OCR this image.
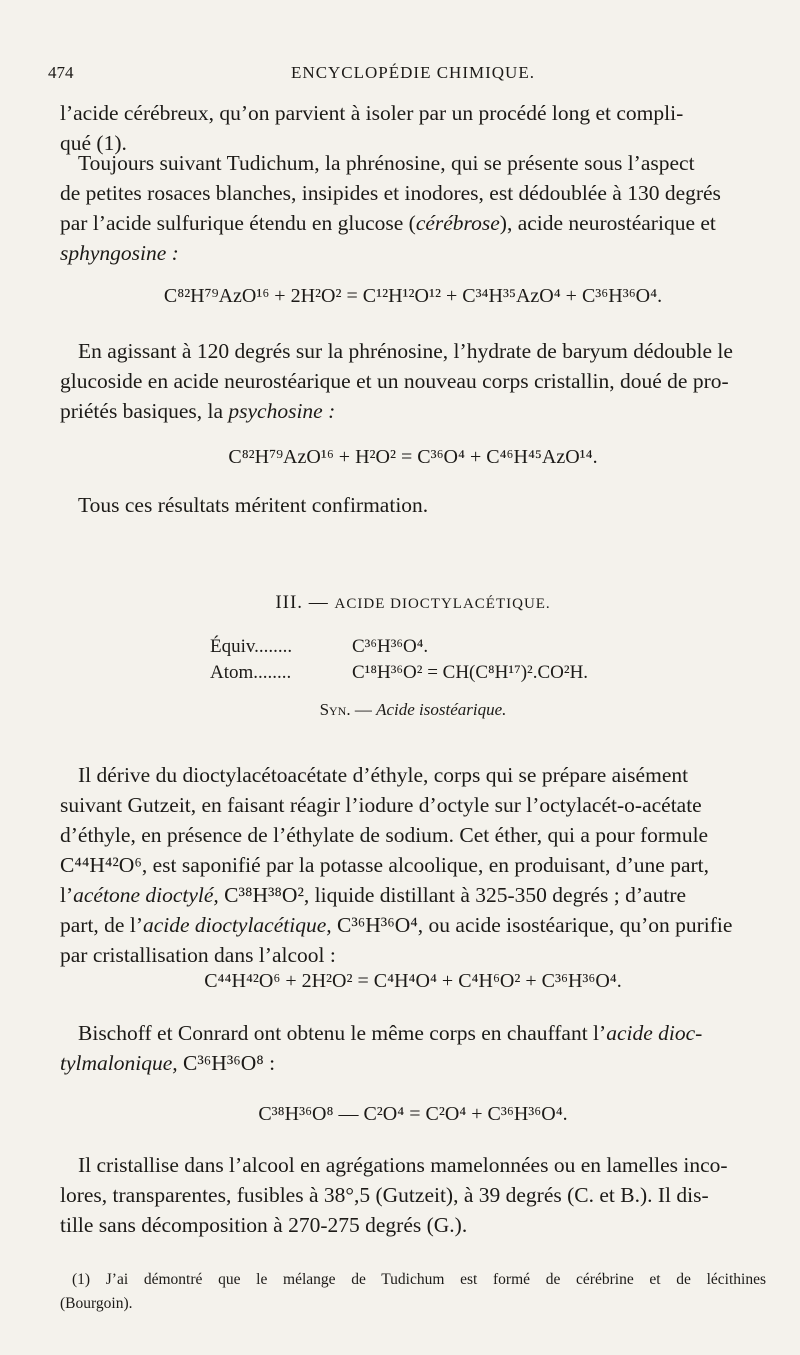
474	ENCYCLOPÉDIE CHIMIQUE.

l’acide cérébreux, qu’on parvient à isoler par un procédé long et compli-
qué (1).

Toujours suivant Tudichum, la phrénosine, qui se présente sous l’aspect
de petites rosaces blanches, insipides et inodores, est dédoublée à 130 degrés
par l’acide sulfurique étendu en glucose (cérébrose), acide neurostéarique et
sphyngosine :

C⁸²H⁷⁹AzO¹⁶ + 2H²O² = C¹²H¹²O¹² + C³⁴H³⁵AzO⁴ + C³⁶H³⁶O⁴.

En agissant à 120 degrés sur la phrénosine, l’hydrate de baryum dédouble le
glucoside en acide neurostéarique et un nouveau corps cristallin, doué de pro-
priétés basiques, la psychosine :

C⁸²H⁷⁹AzO¹⁶ + H²O² = C³⁶O⁴ + C⁴⁶H⁴⁵AzO¹⁴.

Tous ces résultats méritent confirmation.

III. — ACIDE DIOCTYLACÉTIQUE.
Équiv........	C³⁶H³⁶O⁴.
Atom........	C¹⁸H³⁶O² = CH(C⁸H¹⁷)².CO²H.
Syn. — Acide isostéarique.

Il dérive du dioctylacétoacétate d’éthyle, corps qui se prépare aisément
suivant Gutzeit, en faisant réagir l’iodure d’octyle sur l’octylacét-o-acétate
d’éthyle, en présence de l’éthylate de sodium. Cet éther, qui a pour formule
C⁴⁴H⁴²O⁶, est saponifié par la potasse alcoolique, en produisant, d’une part,
l’acétone dioctylé, C³⁸H³⁸O², liquide distillant à 325-350 degrés ; d’autre
part, de l’acide dioctylacétique, C³⁶H³⁶O⁴, ou acide isostéarique, qu’on purifie
par cristallisation dans l’alcool :

C⁴⁴H⁴²O⁶ + 2H²O² = C⁴H⁴O⁴ + C⁴H⁶O² + C³⁶H³⁶O⁴.

Bischoff et Conrard ont obtenu le même corps en chauffant l’acide dioc-
tylmalonique, C³⁶H³⁶O⁸ :

C³⁸H³⁶O⁸ — C²O⁴ = C²O⁴ + C³⁶H³⁶O⁴.

Il cristallise dans l’alcool en agrégations mamelonnées ou en lamelles inco-
lores, transparentes, fusibles à 38°,5 (Gutzeit), à 39 degrés (C. et B.). Il dis-
tille sans décomposition à 270-275 degrés (G.).

(1) J’ai démontré que le mélange de Tudichum est formé de cérébrine et de lécithines
(Bourgoin).
